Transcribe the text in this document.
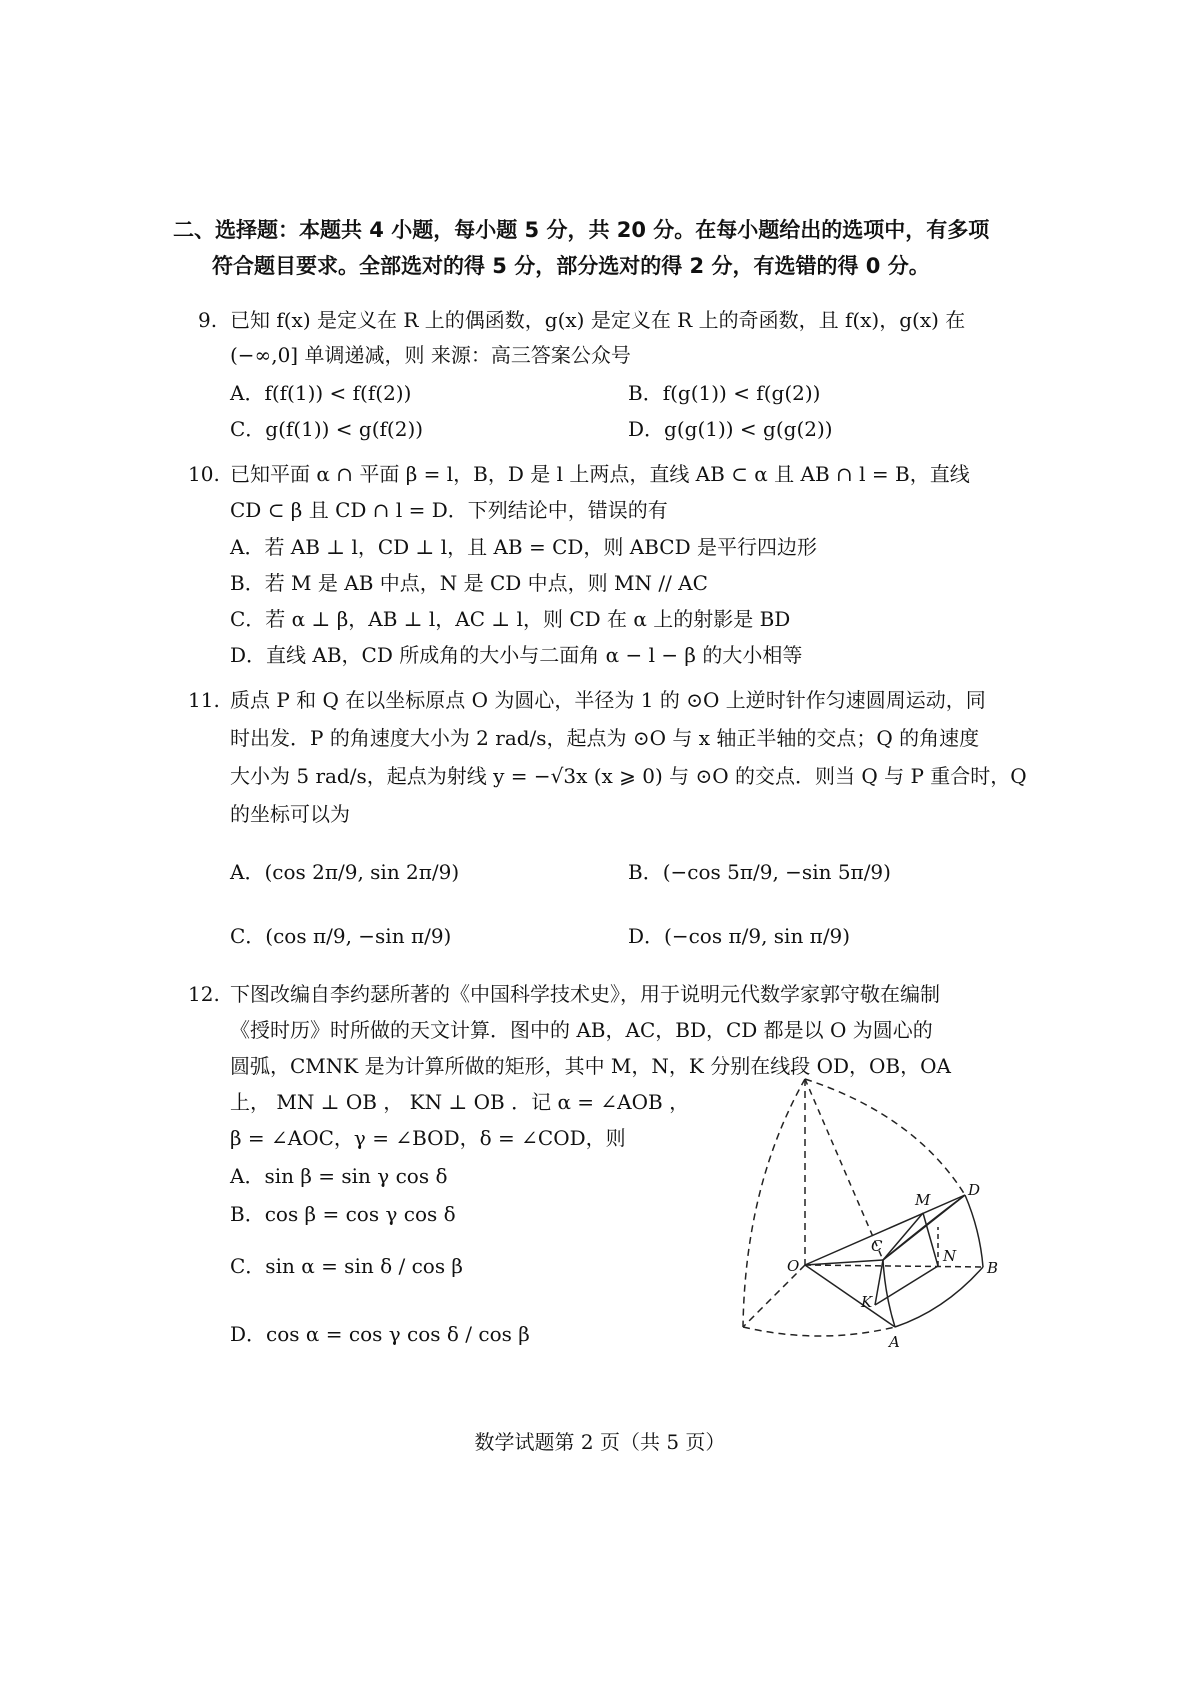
二、选择题：本题共 4 小题，每小题 5 分，共 20 分。在每小题给出的选项中，有多项
符合题目要求。全部选对的得 5 分，部分选对的得 2 分，有选错的得 0 分。
9. 已知 f(x) 是定义在 R 上的偶函数，g(x) 是定义在 R 上的奇函数，且 f(x)，g(x) 在
(−∞,0] 单调递减，则 来源：高三答案公众号
A．f(f(1)) < f(f(2))	B．f(g(1)) < f(g(2))
C．g(f(1)) < g(f(2))	D．g(g(1)) < g(g(2))
10. 已知平面 α ∩ 平面 β = l，B，D 是 l 上两点，直线 AB ⊂ α 且 AB ∩ l = B，直线
CD ⊂ β 且 CD ∩ l = D．下列结论中，错误的有
A．若 AB ⊥ l，CD ⊥ l，且 AB = CD，则 ABCD 是平行四边形
B．若 M 是 AB 中点，N 是 CD 中点，则 MN // AC
C．若 α ⊥ β，AB ⊥ l，AC ⊥ l，则 CD 在 α 上的射影是 BD
D．直线 AB，CD 所成角的大小与二面角 α − l − β 的大小相等
11. 质点 P 和 Q 在以坐标原点 O 为圆心，半径为 1 的 ⊙O 上逆时针作匀速圆周运动，同
时出发．P 的角速度大小为 2 rad/s，起点为 ⊙O 与 x 轴正半轴的交点；Q 的角速度
大小为 5 rad/s，起点为射线 y = −√3x (x ⩾ 0) 与 ⊙O 的交点．则当 Q 与 P 重合时，Q
的坐标可以为
A．(cos 2π/9, sin 2π/9)	B．(−cos 5π/9, −sin 5π/9)
C．(cos π/9, −sin π/9)	D．(−cos π/9, sin π/9)
12. 下图改编自李约瑟所著的《中国科学技术史》，用于说明元代数学家郭守敬在编制
《授时历》时所做的天文计算．图中的 AB，AC，BD，CD 都是以 O 为圆心的
圆弧，CMNK 是为计算所做的矩形，其中 M，N，K 分别在线段 OD，OB，OA
上， MN ⊥ OB ， KN ⊥ OB ．记 α = ∠AOB ，
β = ∠AOC，γ = ∠BOD，δ = ∠COD，则
A．sin β = sin γ cos δ
B．cos β = cos γ cos δ
C．sin α = sin δ / cos β
D．cos α = cos γ cos δ / cos β
O
A
B
C
D
M
N
K
数学试题第 2 页（共 5 页）
